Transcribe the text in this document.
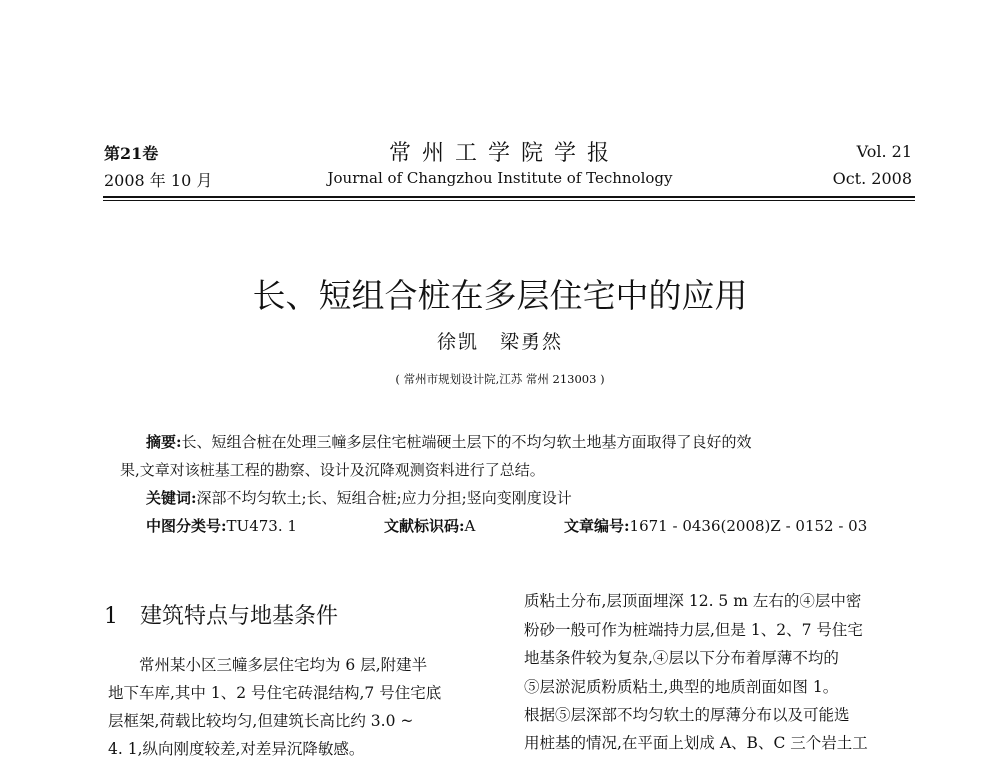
第21卷
2008 年 10 月
常 州 工 学 院 学 报
Journal of Changzhou Institute of Technology
Vol. 21
Oct. 2008
长、短组合桩在多层住宅中的应用
徐凯　梁勇然
( 常州市规划设计院,江苏 常州 213003 )
摘要:长、短组合桩在处理三幢多层住宅桩端硬土层下的不均匀软土地基方面取得了良好的效
果,文章对该桩基工程的勘察、设计及沉降观测资料进行了总结。
关键词:深部不均匀软土;长、短组合桩;应力分担;竖向变刚度设计
中图分类号:TU473. 1	文献标识码:A	文章编号:1671 - 0436(2008)Z - 0152 - 03
1　建筑特点与地基条件
　　常州某小区三幢多层住宅均为 6 层,附建半
地下车库,其中 1、2 号住宅砖混结构,7 号住宅底
层框架,荷载比较均匀,但建筑长高比约 3.0 ~
4. 1,纵向刚度较差,对差异沉降敏感。
质粘土分布,层顶面埋深 12. 5 m 左右的④层中密
粉砂一般可作为桩端持力层,但是 1、2、7 号住宅
地基条件较为复杂,④层以下分布着厚薄不均的
⑤层淤泥质粉质粘土,典型的地质剖面如图 1。
根据⑤层深部不均匀软土的厚薄分布以及可能选
用桩基的情况,在平面上划成 A、B、C 三个岩土工
